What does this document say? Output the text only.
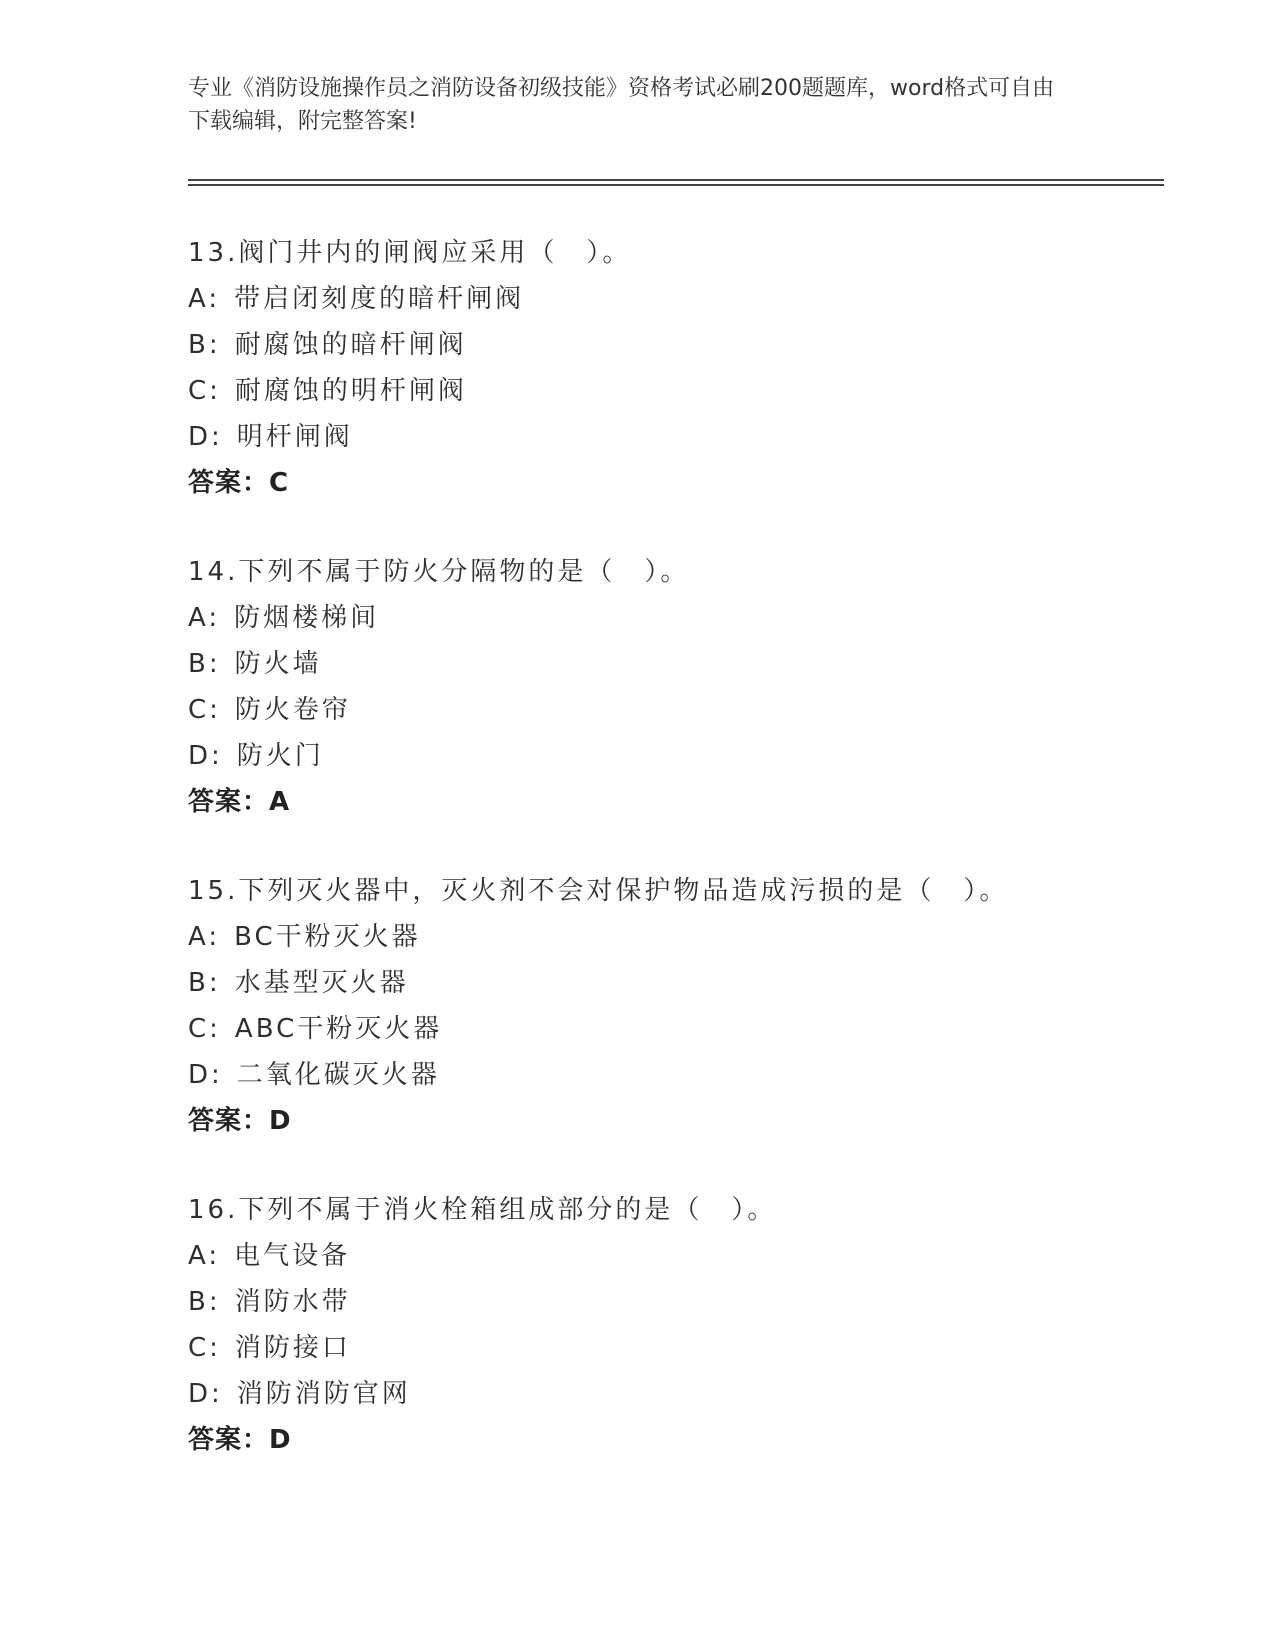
专业《消防设施操作员之消防设备初级技能》资格考试必刷200题题库，word格式可自由下载编辑，附完整答案!
13.阀门井内的闸阀应采用（　）。
A: 带启闭刻度的暗杆闸阀
B: 耐腐蚀的暗杆闸阀
C: 耐腐蚀的明杆闸阀
D: 明杆闸阀
答案：C
14.下列不属于防火分隔物的是（　）。
A: 防烟楼梯间
B: 防火墙
C: 防火卷帘
D: 防火门
答案：A
15.下列灭火器中，灭火剂不会对保护物品造成污损的是（　）。
A: BC干粉灭火器
B: 水基型灭火器
C: ABC干粉灭火器
D: 二氧化碳灭火器
答案：D
16.下列不属于消火栓箱组成部分的是（　）。
A: 电气设备
B: 消防水带
C: 消防接口
D: 消防消防官网
答案：D
